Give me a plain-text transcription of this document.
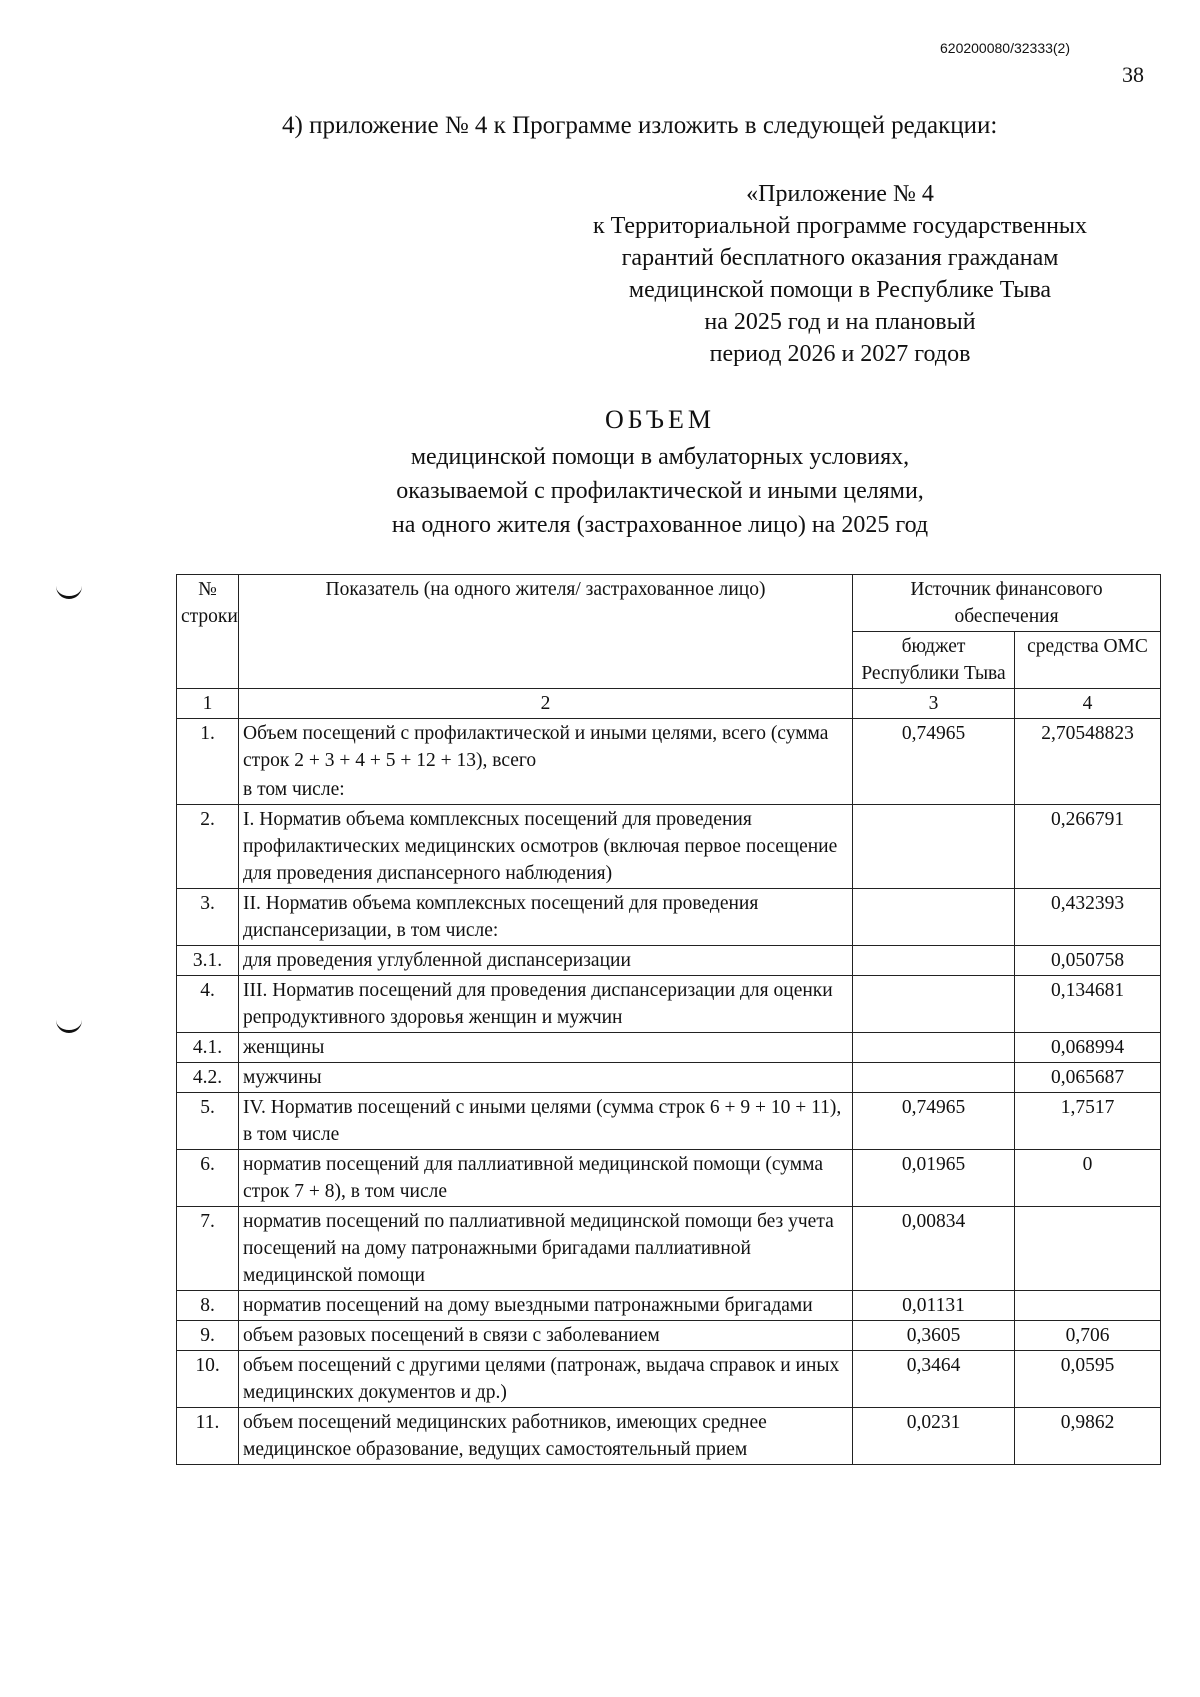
620200080/32333(2)
38
4) приложение № 4 к Программе изложить в следующей редакции:
«Приложение № 4
к Территориальной программе государственных
гарантий бесплатного оказания гражданам
медицинской помощи в Республике Тыва
на 2025 год и на плановый
период 2026 и 2027 годов
ОБЪЕМ
медицинской помощи в амбулаторных условиях,
оказываемой с профилактической и иными целями,
на одного жителя (застрахованное лицо) на 2025 год
№ строки	Показатель (на одного жителя/ застрахованное лицо)	Источник финансового обеспечения	
		бюджет Республики Тыва	средства ОМС
1	2	3	4
1.	Объем посещений с профилактической и иными целями, всего (сумма строк 2 + 3 + 4 + 5 + 12 + 13), всего	0,74965	2,70548823
	в том числе:		
2.	I. Норматив объема комплексных посещений для проведения профилактических медицинских осмотров (включая первое посещение для проведения диспансерного наблюдения)		0,266791
3.	II. Норматив объема комплексных посещений для проведения диспансеризации, в том числе:		0,432393
3.1.	для проведения углубленной диспансеризации		0,050758
4.	III. Норматив посещений для проведения диспансеризации для оценки репродуктивного здоровья женщин и мужчин		0,134681
4.1.	женщины		0,068994
4.2.	мужчины		0,065687
5.	IV. Норматив посещений с иными целями (сумма строк 6 + 9 + 10 + 11), в том числе	0,74965	1,7517
6.	норматив посещений для паллиативной медицинской помощи (сумма строк 7 + 8), в том числе	0,01965	0
7.	норматив посещений по паллиативной медицинской помощи без учета посещений на дому патронажными бригадами паллиативной медицинской помощи	0,00834	
8.	норматив посещений на дому выездными патронажными бригадами	0,01131	
9.	объем разовых посещений в связи с заболеванием	0,3605	0,706
10.	объем посещений с другими целями (патронаж, выдача справок и иных медицинских документов и др.)	0,3464	0,0595
11.	объем посещений медицинских работников, имеющих среднее медицинское образование, ведущих самостоятельный прием	0,0231	0,9862
